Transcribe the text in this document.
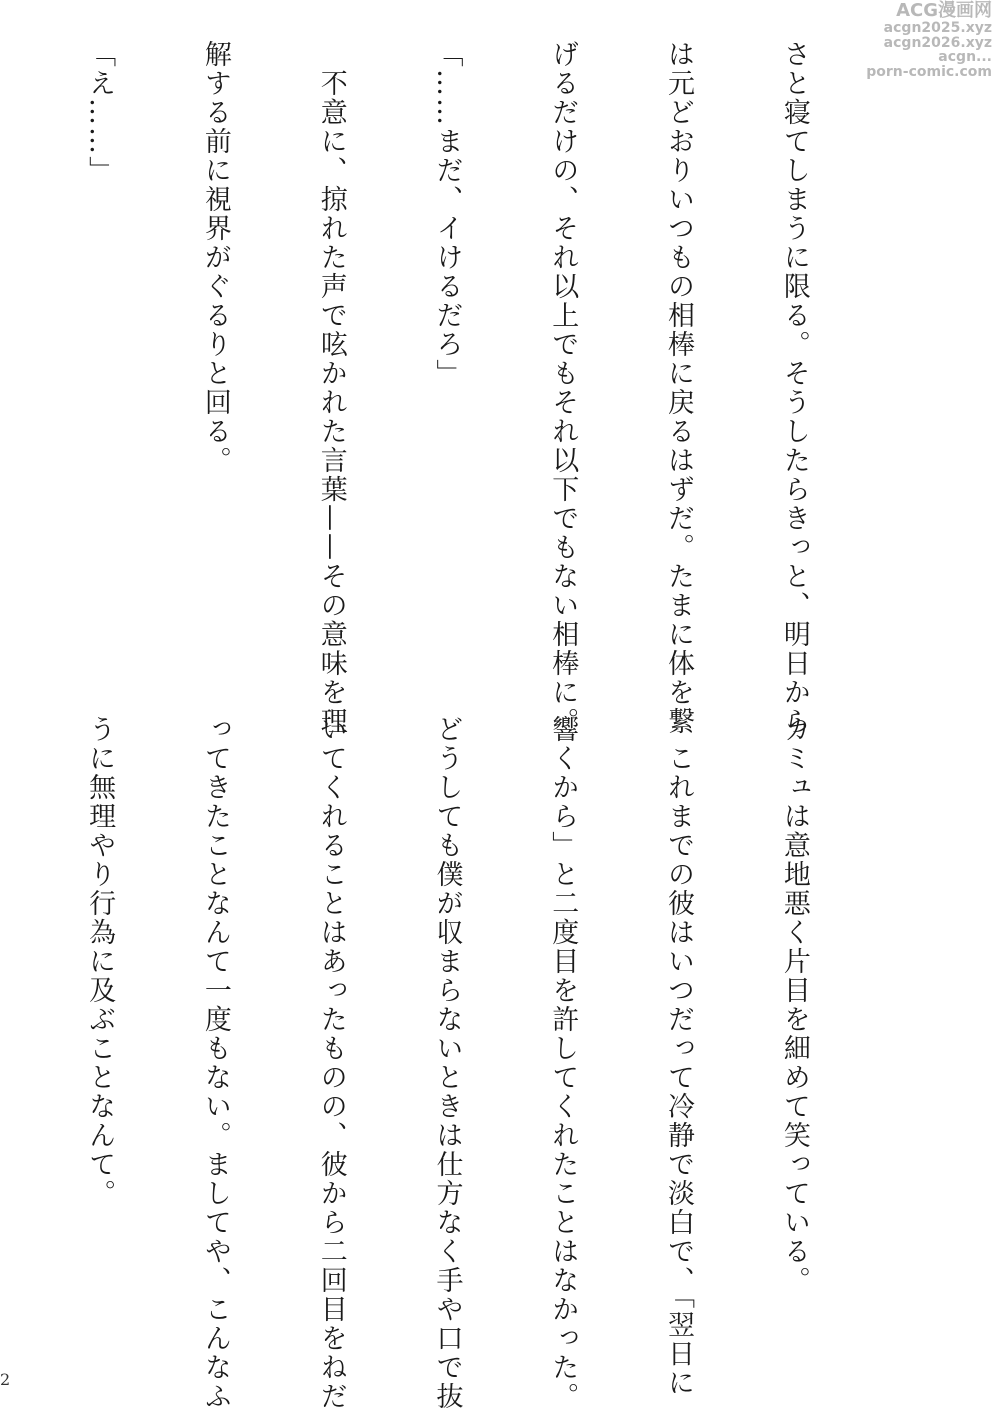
ACG漫画网
acgn2025.xyz
acgn2026.xyz
acgn...
porn-comic.com

さと寝てしまうに限る。そうしたらきっと、明日から

は元どおりいつもの相棒に戻るはずだ。たまに体を繋

げるだけの、それ以上でもそれ以下でもない相棒に。

「……まだ、イけるだろ」

　不意に、掠れた声で呟かれた言葉——その意味を理

解する前に視界がぐるりと回る。

「え……」

カミュは意地悪く片目を細めて笑っている。

　これまでの彼はいつだって冷静で淡白で、「翌日に

響くから」と二度目を許してくれたことはなかった。

どうしても僕が収まらないときは仕方なく手や口で抜

いてくれることはあったものの、彼から二回目をねだ

ってきたことなんて一度もない。ましてや、こんなふ

うに無理やり行為に及ぶことなんて。

2
